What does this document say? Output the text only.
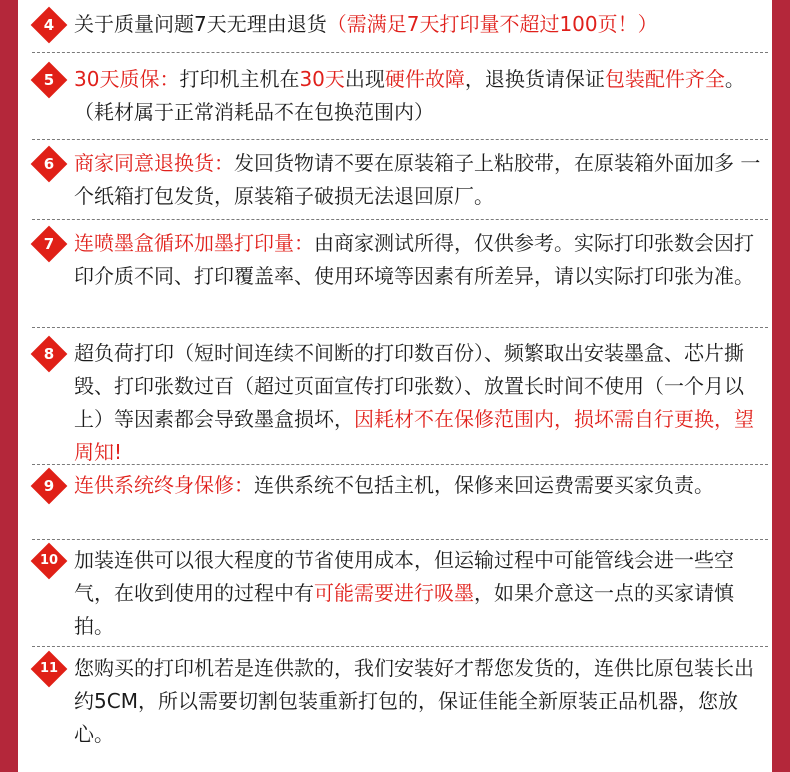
4 关于质量问题7天无理由退货（需满足7天打印量不超过100页！）
5 30天质保：打印机主机在30天出现硬件故障，退换货请保证包装配件齐全。（耗材属于正常消耗品不在包换范围内）
6 商家同意退换货：发回货物请不要在原装箱子上粘胶带，在原装箱外面加多 一个纸箱打包发货，原装箱子破损无法退回原厂。
7 连喷墨盒循环加墨打印量：由商家测试所得，仅供参考。实际打印张数会因打印介质不同、打印覆盖率、使用环境等因素有所差异，请以实际打印张为准。
8 超负荷打印（短时间连续不间断的打印数百份）、频繁取出安装墨盒、芯片撕毁、打印张数过百（超过页面宣传打印张数）、放置长时间不使用（一个月以上）等因素都会导致墨盒损坏，因耗材不在保修范围内，损坏需自行更换，望周知!
9 连供系统终身保修：连供系统不包括主机，保修来回运费需要买家负责。
10 加装连供可以很大程度的节省使用成本，但运输过程中可能管线会进一些空气，在收到使用的过程中有可能需要进行吸墨，如果介意这一点的买家请慎拍。
11 您购买的打印机若是连供款的，我们安装好才帮您发货的，连供比原包装长出约5CM，所以需要切割包装重新打包的，保证佳能全新原装正品机器，您放心。
